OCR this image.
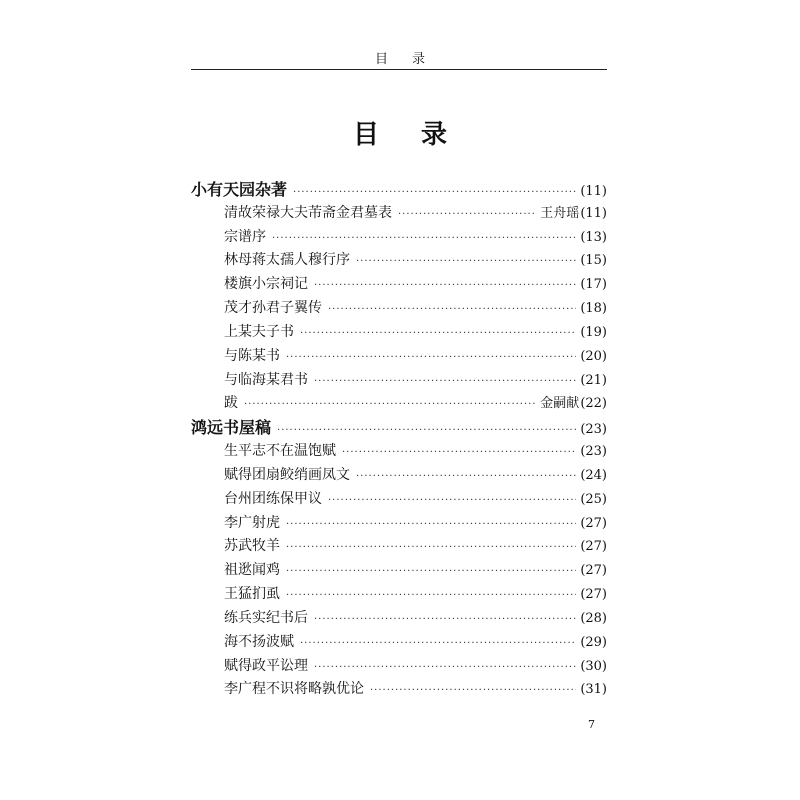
目录
目录
小有天园杂著 ·····	(11)
清故荣禄大夫芾斋金君墓表 ·····	王舟瑶 (11)
宗谱序 ·····	(13)
林母蒋太孺人穆行序 ·····	(15)
楼旗小宗祠记 ·····	(17)
茂才孙君子翼传 ·····	(18)
上某夫子书 ·····	(19)
与陈某书 ·····	(20)
与临海某君书 ·····	(21)
跋 ·····	金嗣献 (22)
鸿远书屋稿 ·····	(23)
生平志不在温饱赋 ·····	(23)
赋得团扇鲛绡画凤文 ·····	(24)
台州团练保甲议 ·····	(25)
李广射虎 ·····	(27)
苏武牧羊 ·····	(27)
祖逖闻鸡 ·····	(27)
王猛扪虱 ·····	(27)
练兵实纪书后 ·····	(28)
海不扬波赋 ·····	(29)
赋得政平讼理 ·····	(30)
李广程不识将略孰优论 ·····	(31)
7
